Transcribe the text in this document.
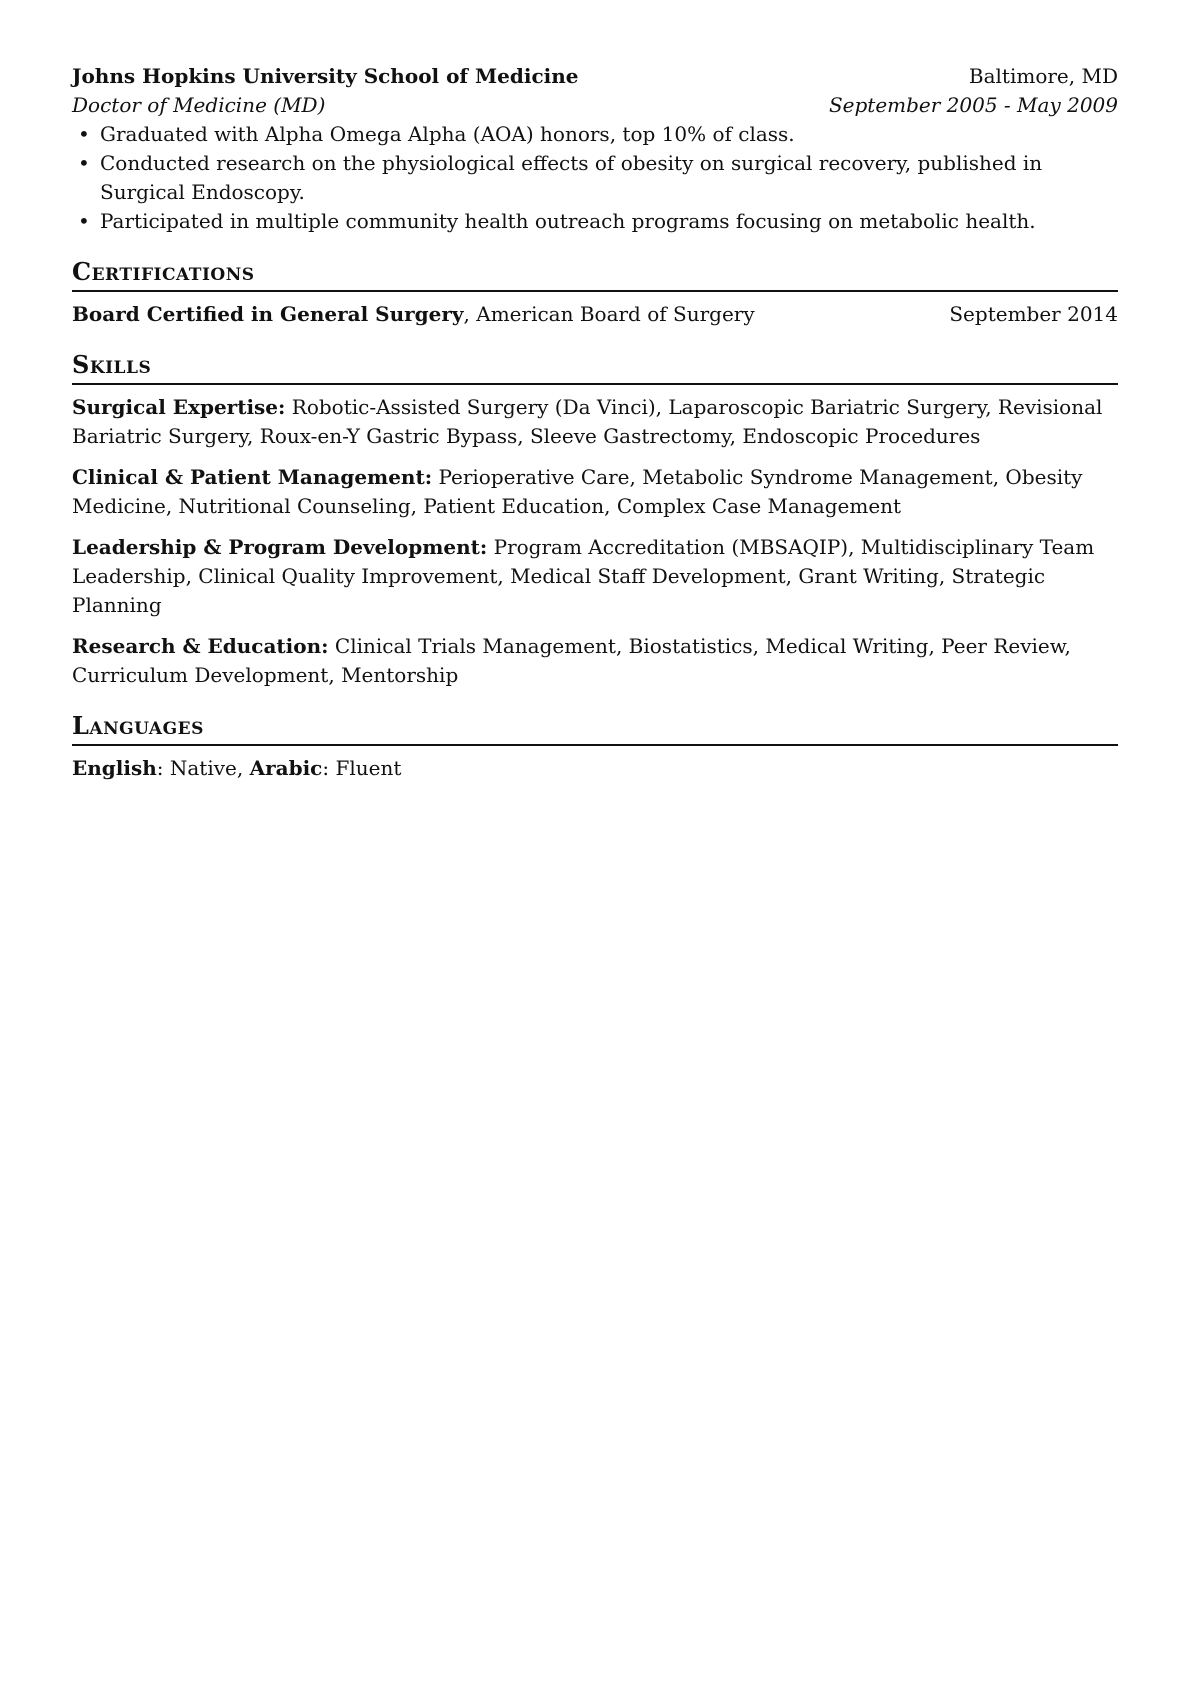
Johns Hopkins University School of Medicine	Baltimore, MD
Doctor of Medicine (MD)	September 2005 - May 2009
• Graduated with Alpha Omega Alpha (AOA) honors, top 10% of class.
• Conducted research on the physiological effects of obesity on surgical recovery, published in Surgical Endoscopy.
• Participated in multiple community health outreach programs focusing on metabolic health.
Certifications
Board Certified in General Surgery, American Board of Surgery	September 2014
Skills
Surgical Expertise: Robotic-Assisted Surgery (Da Vinci), Laparoscopic Bariatric Surgery, Revisional Bariatric Surgery, Roux-en-Y Gastric Bypass, Sleeve Gastrectomy, Endoscopic Procedures
Clinical & Patient Management: Perioperative Care, Metabolic Syndrome Management, Obesity Medicine, Nutritional Counseling, Patient Education, Complex Case Management
Leadership & Program Development: Program Accreditation (MBSAQIP), Multidisciplinary Team Leadership, Clinical Quality Improvement, Medical Staff Development, Grant Writing, Strategic Planning
Research & Education: Clinical Trials Management, Biostatistics, Medical Writing, Peer Review, Curriculum Development, Mentorship
Languages
English: Native, Arabic: Fluent
